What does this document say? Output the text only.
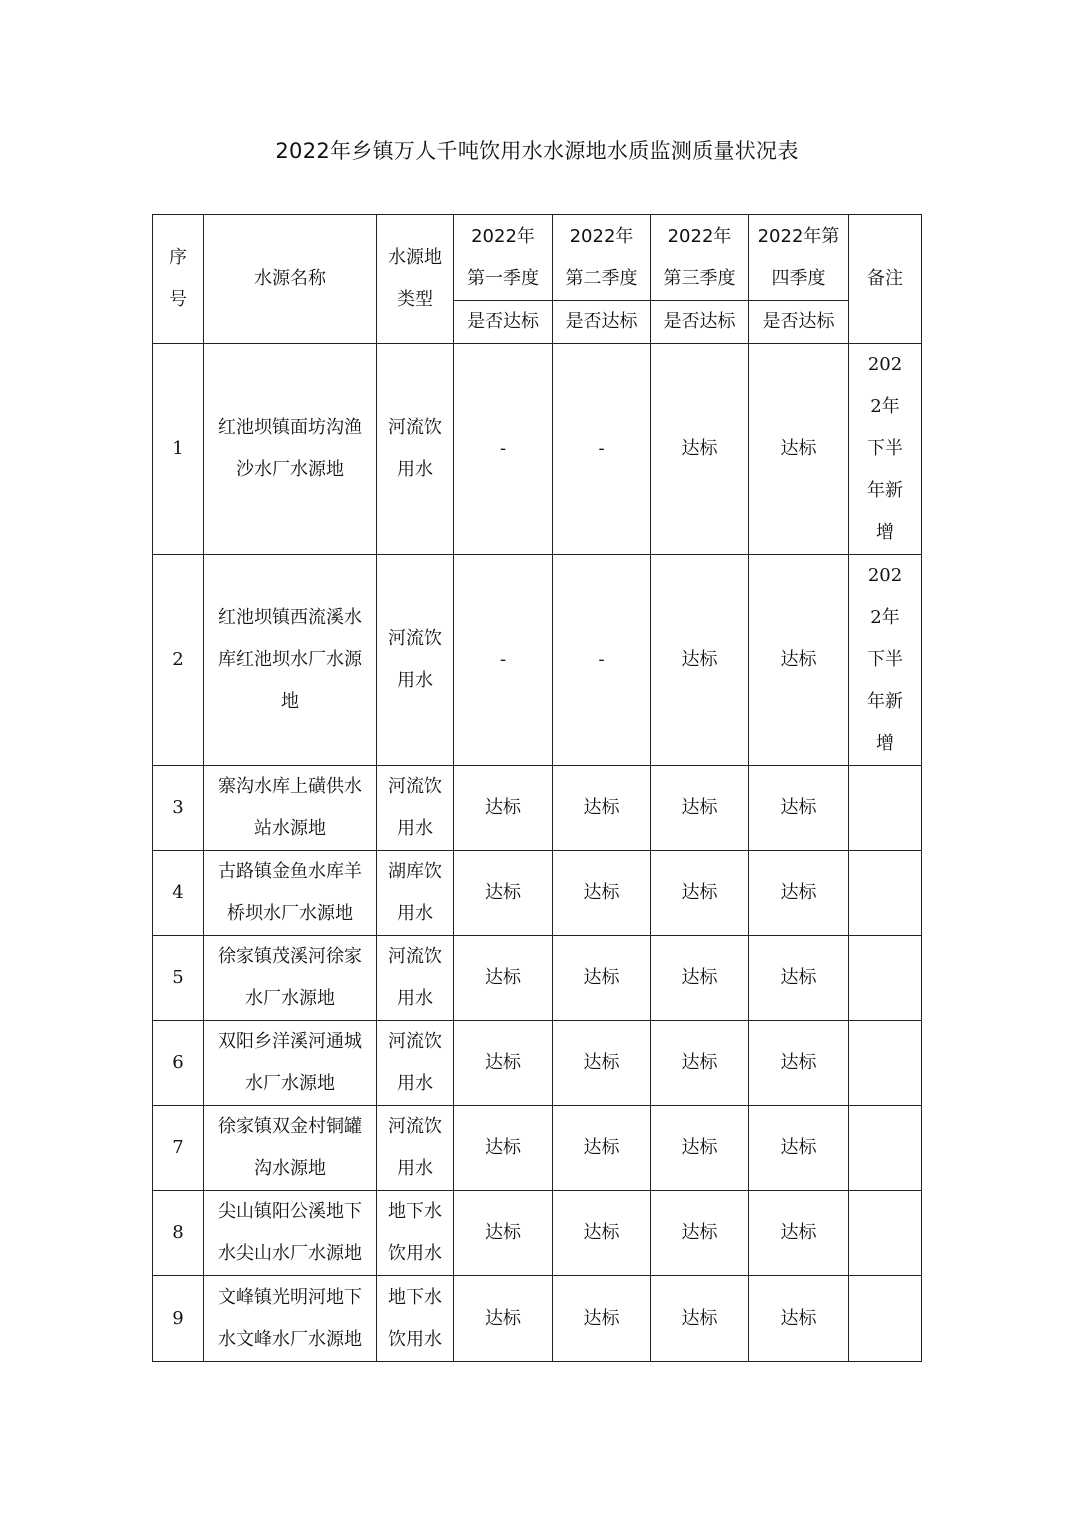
2022年乡镇万人千吨饮用水水源地水质监测质量状况表
序号	水源名称	水源地类型	2022年第一季度	2022年第二季度	2022年第三季度	2022年第四季度	备注
			是否达标	是否达标	是否达标	是否达标	
1	红池坝镇面坊沟渔沙水厂水源地	河流饮用水	-	-	达标	达标	2022年下半年新增
2	红池坝镇西流溪水库红池坝水厂水源地	河流饮用水	-	-	达标	达标	2022年下半年新增
3	寨沟水库上磺供水站水源地	河流饮用水	达标	达标	达标	达标	
4	古路镇金鱼水库羊桥坝水厂水源地	湖库饮用水	达标	达标	达标	达标	
5	徐家镇茂溪河徐家水厂水源地	河流饮用水	达标	达标	达标	达标	
6	双阳乡洋溪河通城水厂水源地	河流饮用水	达标	达标	达标	达标	
7	徐家镇双金村铜罐沟水源地	河流饮用水	达标	达标	达标	达标	
8	尖山镇阳公溪地下水尖山水厂水源地	地下水饮用水	达标	达标	达标	达标	
9	文峰镇光明河地下水文峰水厂水源地	地下水饮用水	达标	达标	达标	达标	
